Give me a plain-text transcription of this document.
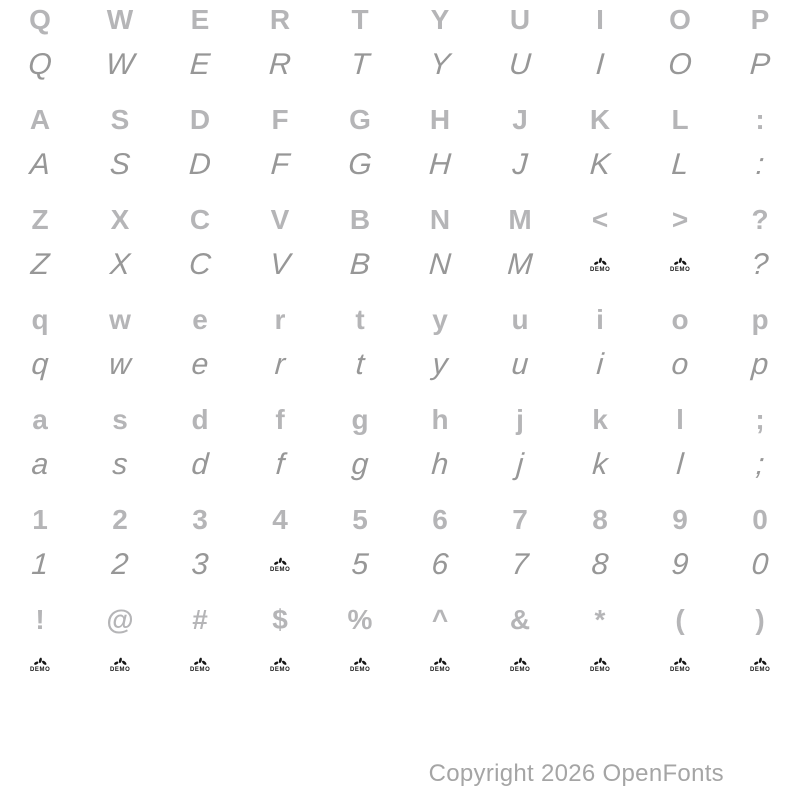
Q	W	E	R	T	Y	U	I	O	P
Q	W	E	R	T	Y	U	I	O	P
A	S	D	F	G	H	J	K	L	:
A	S	D	F	G	H	J	K	L	:
Z	X	C	V	B	N	M	<	>	?
Z	X	C	V	B	N	M	DEMO	DEMO	?
q	w	e	r	t	y	u	i	o	p
q	w	e	r	t	y	u	i	o	p
a	s	d	f	g	h	j	k	l	;
a	s	d	f	g	h	j	k	l	;
1	2	3	4	5	6	7	8	9	0
1	2	3	DEMO	5	6	7	8	9	0
!	@	#	$	%	^	&	*	(	)
DEMO	DEMO	DEMO	DEMO	DEMO	DEMO	DEMO	DEMO	DEMO	DEMO
Copyright 2026 OpenFonts
